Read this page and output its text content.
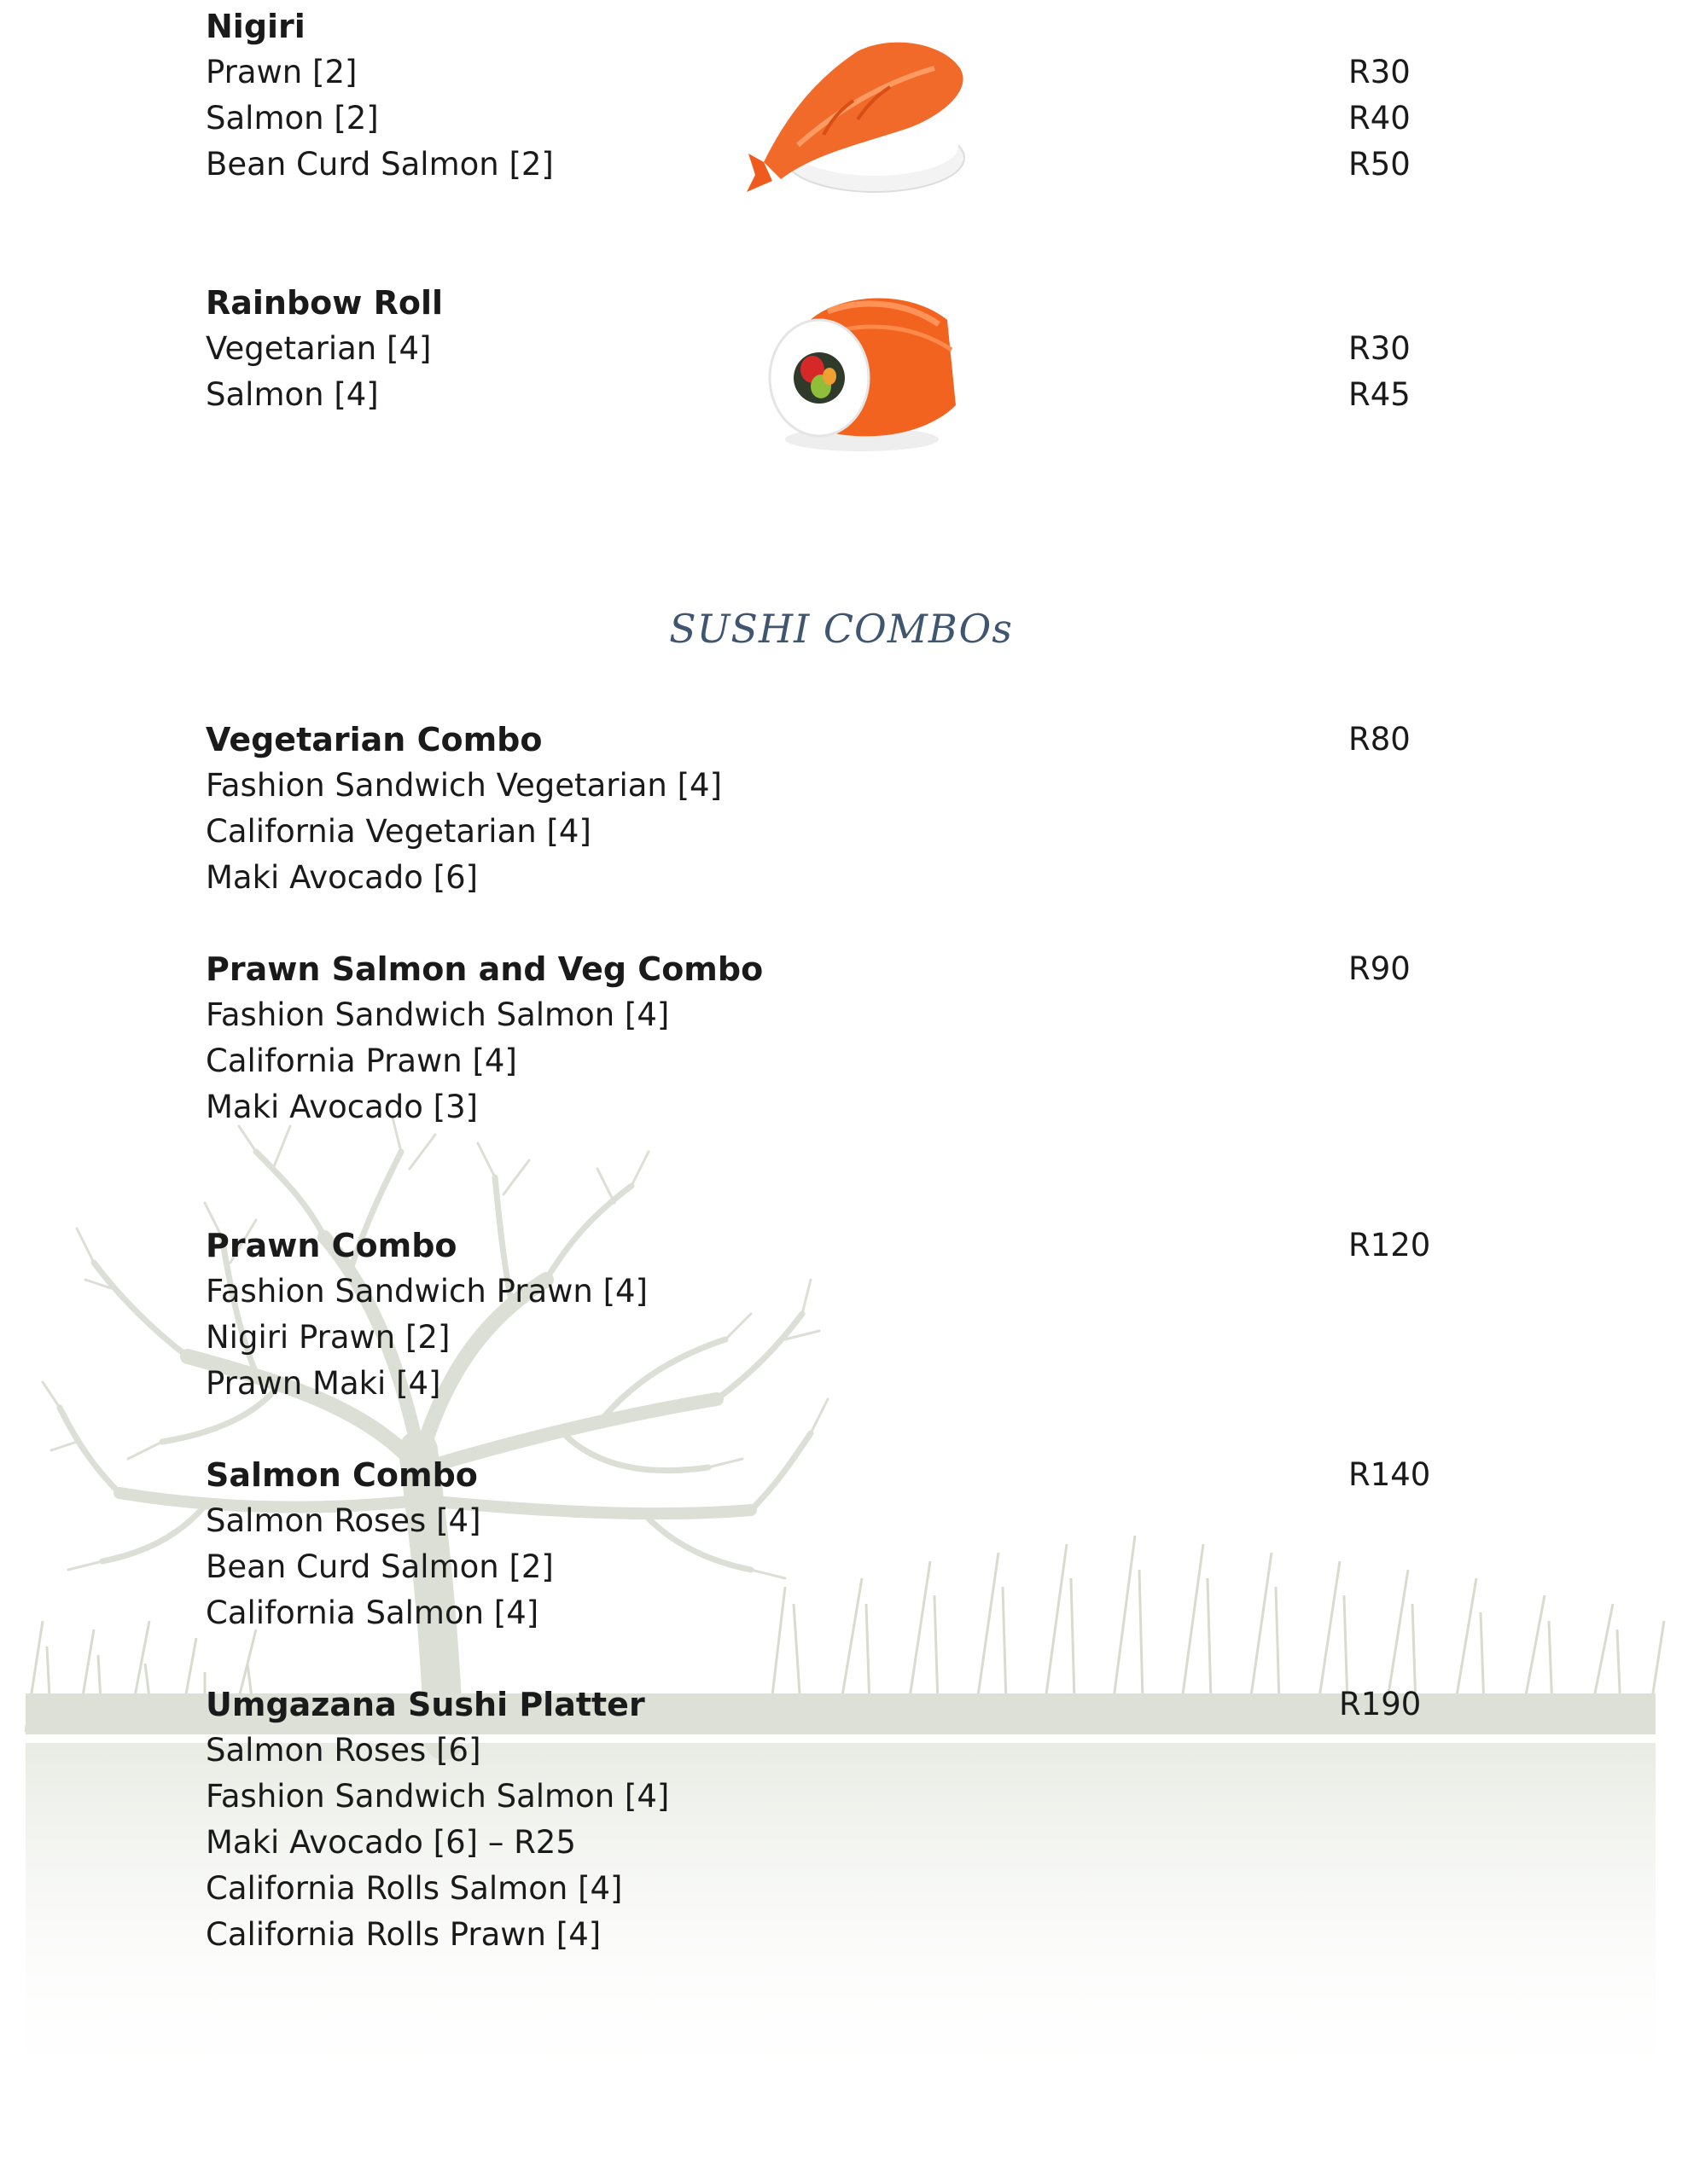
Nigiri
Prawn [2]
Salmon [2]
Bean Curd Salmon [2]
R30
R40
R50
Rainbow Roll
Vegetarian [4]
Salmon [4]
R30
R45
SUSHI COMBOs
Vegetarian Combo
Fashion Sandwich Vegetarian [4]
California Vegetarian [4]
Maki Avocado [6]
R80
Prawn Salmon and Veg Combo
Fashion Sandwich Salmon [4]
California Prawn [4]
Maki Avocado [3]
R90
Prawn Combo
Fashion Sandwich Prawn [4]
Nigiri Prawn [2]
Prawn Maki [4]
R120
Salmon Combo
Salmon Roses [4]
Bean Curd Salmon [2]
California Salmon [4]
R140
Umgazana Sushi Platter
Salmon Roses [6]
Fashion Sandwich Salmon [4]
Maki Avocado [6] – R25
California Rolls Salmon [4]
California Rolls Prawn [4]
R190
